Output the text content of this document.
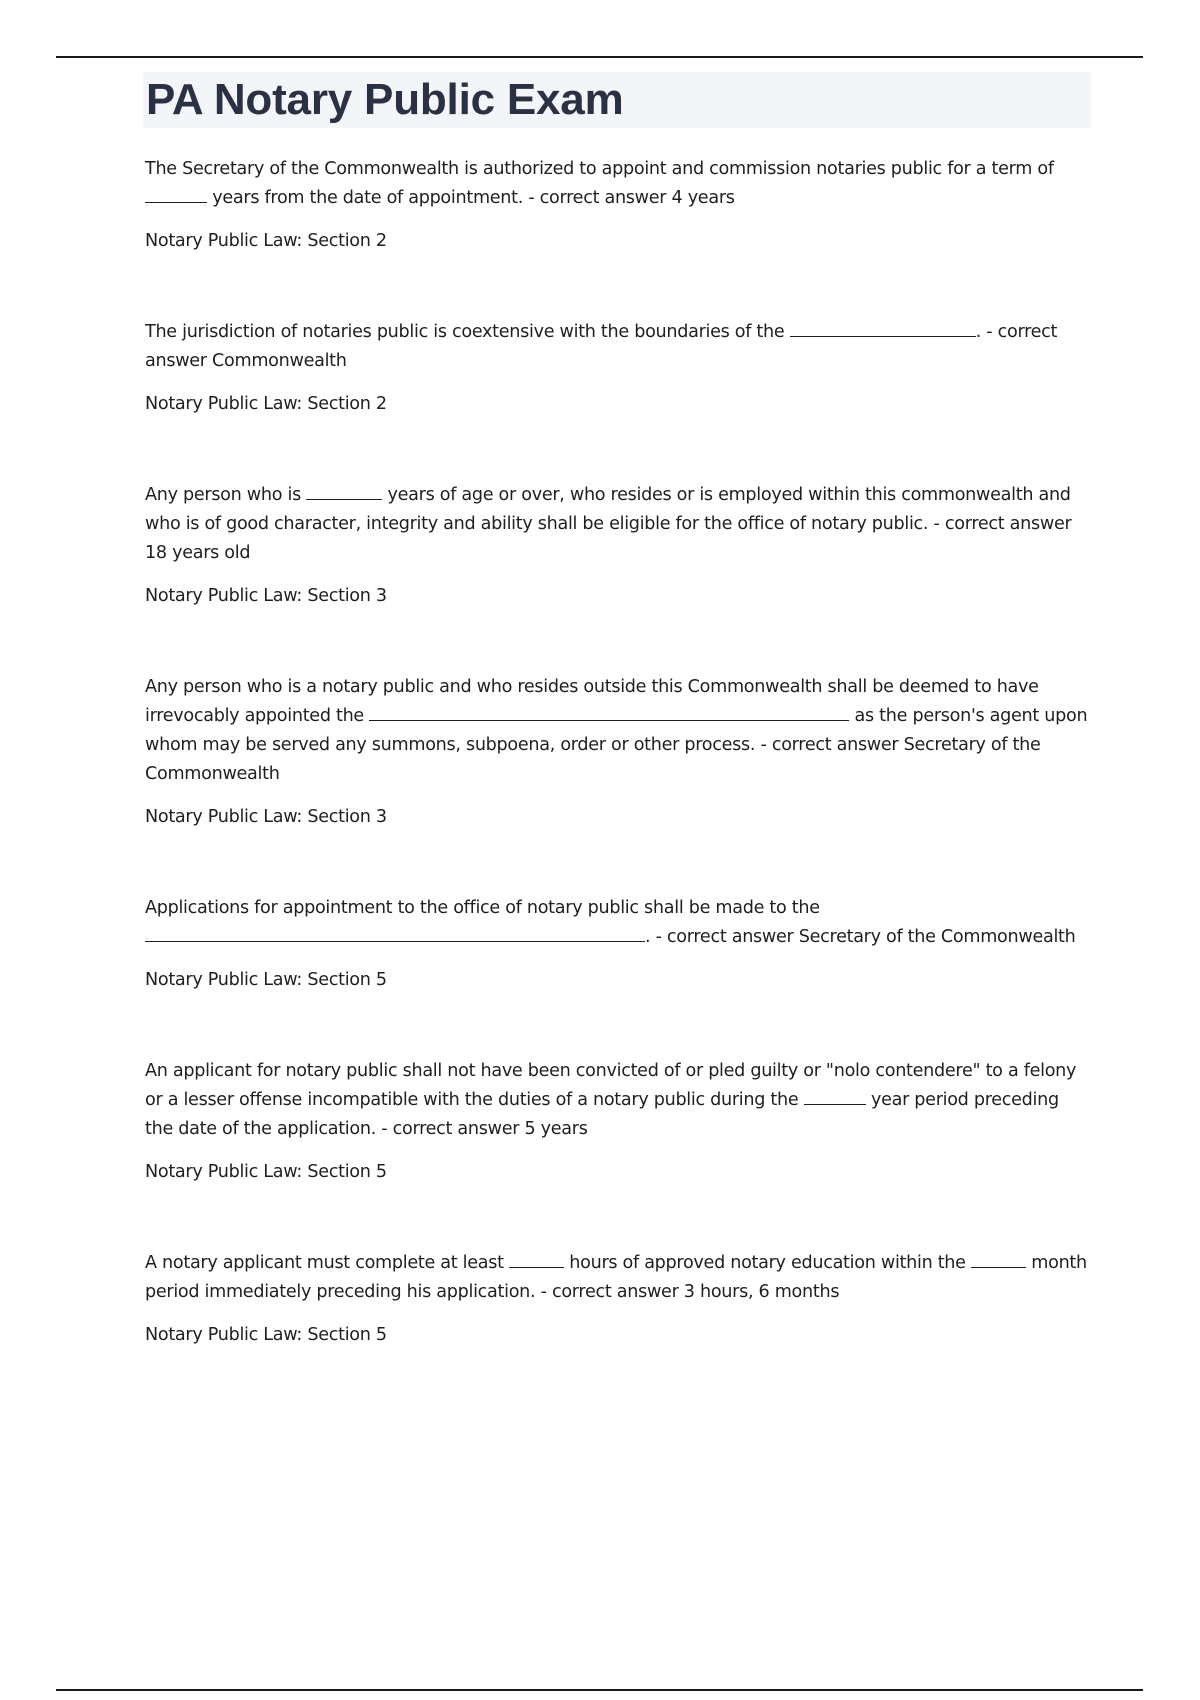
PA Notary Public Exam

The Secretary of the Commonwealth is authorized to appoint and commission notaries public for a term of  years from the date of appointment. - correct answer 4 years

Notary Public Law: Section 2

The jurisdiction of notaries public is coextensive with the boundaries of the	. - correct answer Commonwealth

Notary Public Law: Section 2

Any person who is	years of age or over, who resides or is employed within this commonwealth and who is of good character, integrity and ability shall be eligible for the office of notary public. - correct answer 18 years old

Notary Public Law: Section 3

Any person who is a notary public and who resides outside this Commonwealth shall be deemed to have irrevocably appointed the	as the person's agent upon whom may be served any summons, subpoena, order or other process. - correct answer Secretary of the Commonwealth

Notary Public Law: Section 3

Applications for appointment to the office of notary public shall be made to the . - correct answer Secretary of the Commonwealth

Notary Public Law: Section 5

An applicant for notary public shall not have been convicted of or pled guilty or "nolo contendere" to a felony or a lesser offense incompatible with the duties of a notary public during the	year period preceding the date of the application. - correct answer 5 years

Notary Public Law: Section 5

A notary applicant must complete at least	hours of approved notary education within the	month period immediately preceding his application. - correct answer 3 hours, 6 months

Notary Public Law: Section 5
